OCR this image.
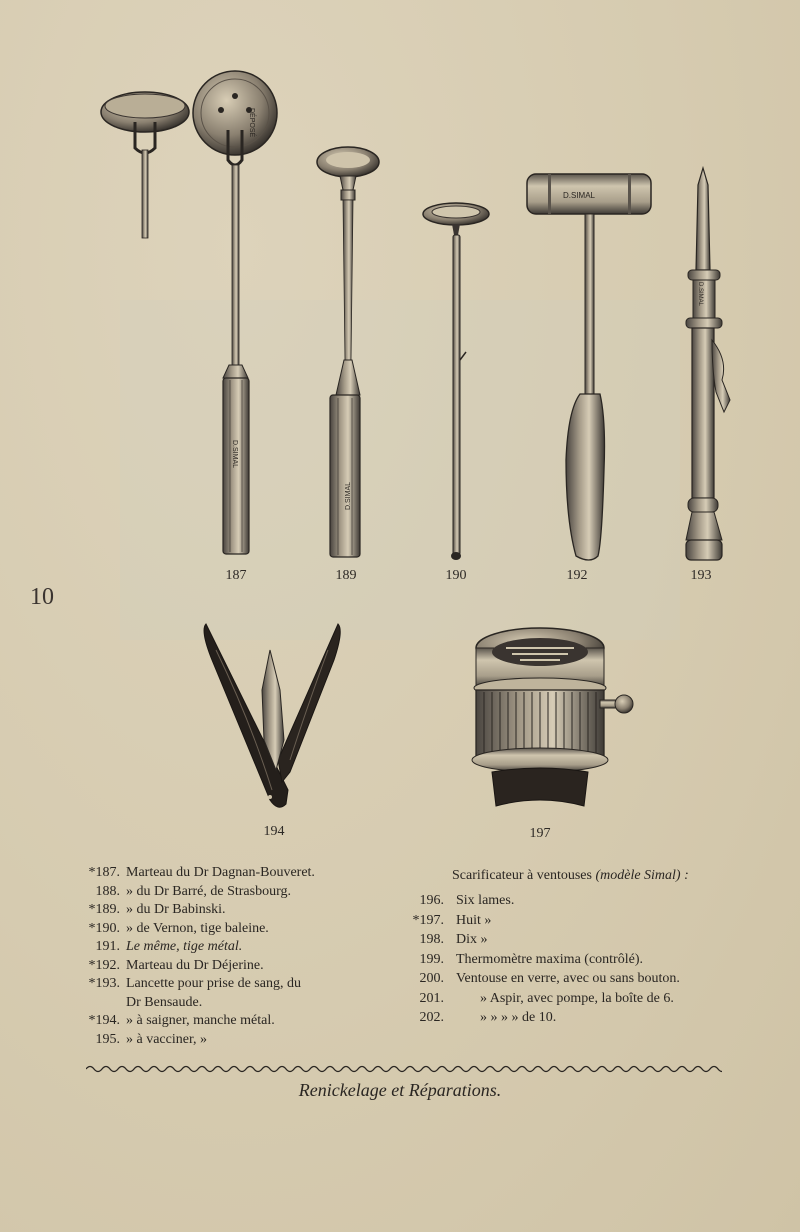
10
DÉPOSÉ
D.SIMAL
D.SIMAL
D.SIMAL
D.SIMAL
187	189	190	192	193
194	197
*187. Marteau du Dr Dagnan-Bouveret.
188. » du Dr Barré, de Strasbourg.
*189. » du Dr Babinski.
*190. » de Vernon, tige baleine.
191. Le même, tige métal.
*192. Marteau du Dr Déjerine.
*193. Lancette pour prise de sang, du
Dr Bensaude.
*194. » à saigner, manche métal.
195. » à vacciner, »
Scarificateur à ventouses (modèle Simal) :
196. Six lames.
*197. Huit »
198. Dix »
199. Thermomètre maxima (contrôlé).
200. Ventouse en verre, avec ou sans bouton.
201.	» Aspir, avec pompe, la boîte de 6.
202.	» » » » de 10.
Renickelage et Réparations.
